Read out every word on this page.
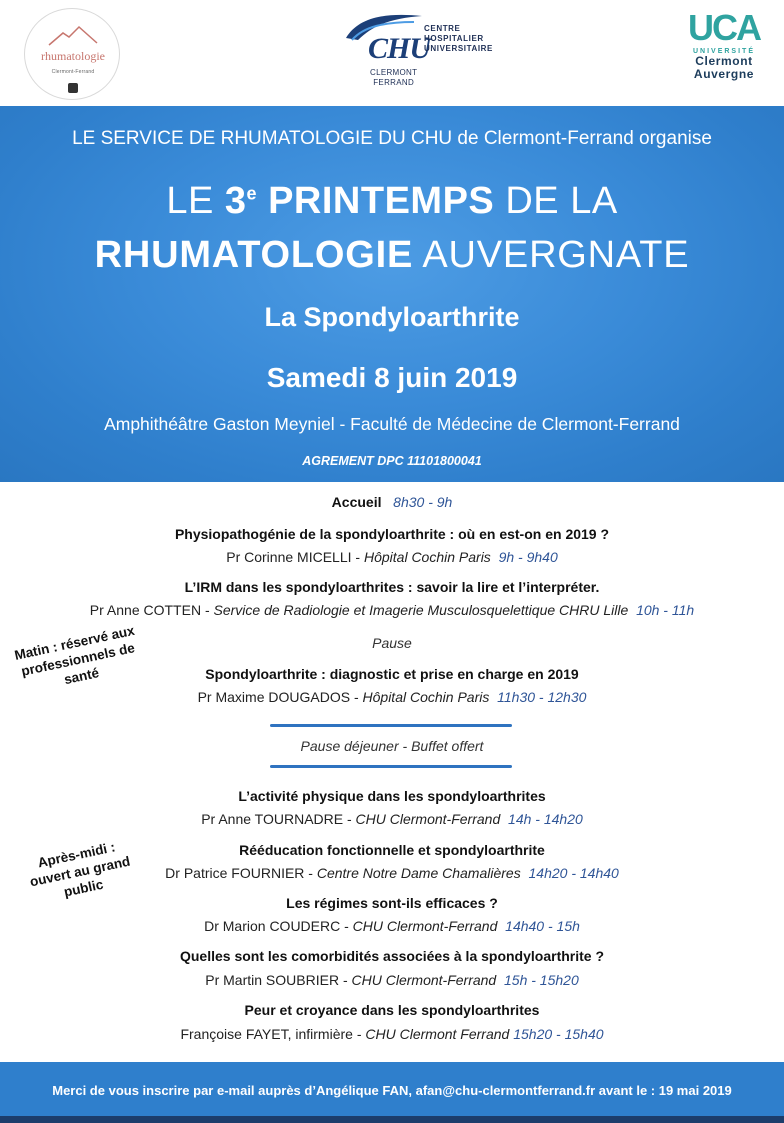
rhumatologie
Clermont-Ferrand
CHU
CENTRE
HOSPITALIER
UNIVERSITAIRE
CLERMONT
FERRAND
UCA
UNIVERSITÉ
Clermont
Auvergne
LE SERVICE DE RHUMATOLOGIE DU CHU de Clermont-Ferrand organise
LE 3e PRINTEMPS DE LA
RHUMATOLOGIE AUVERGNATE
La Spondyloarthrite
Samedi 8 juin 2019
Amphithéâtre Gaston Meyniel - Faculté de Médecine de Clermont-Ferrand
AGREMENT DPC 11101800041
Accueil 8h30 - 9h
Physiopathogénie de la spondyloarthrite : où en est-on en 2019 ?
Pr Corinne MICELLI - Hôpital Cochin Paris 9h - 9h40
L’IRM dans les spondyloarthrites : savoir la lire et l’interpréter.
Pr Anne COTTEN - Service de Radiologie et Imagerie Musculosquelettique CHRU Lille 10h - 11h
Pause
Spondyloarthrite : diagnostic et prise en charge en 2019
Pr Maxime DOUGADOS - Hôpital Cochin Paris 11h30 - 12h30
Pause déjeuner - Buffet offert
L’activité physique dans les spondyloarthrites
Pr Anne TOURNADRE - CHU Clermont-Ferrand 14h - 14h20
Rééducation fonctionnelle et spondyloarthrite
Dr Patrice FOURNIER - Centre Notre Dame Chamalières 14h20 - 14h40
Les régimes sont-ils efficaces ?
Dr Marion COUDERC - CHU Clermont-Ferrand 14h40 - 15h
Quelles sont les comorbidités associées à la spondyloarthrite ?
Pr Martin SOUBRIER - CHU Clermont-Ferrand 15h - 15h20
Peur et croyance dans les spondyloarthrites
Françoise FAYET, infirmière - CHU Clermont Ferrand 15h20 - 15h40
Matin : réservé aux professionnels de santé
Après-midi : ouvert au grand public
Merci de vous inscrire par e-mail auprès d’Angélique FAN, afan@chu-clermontferrand.fr avant le : 19 mai 2019
